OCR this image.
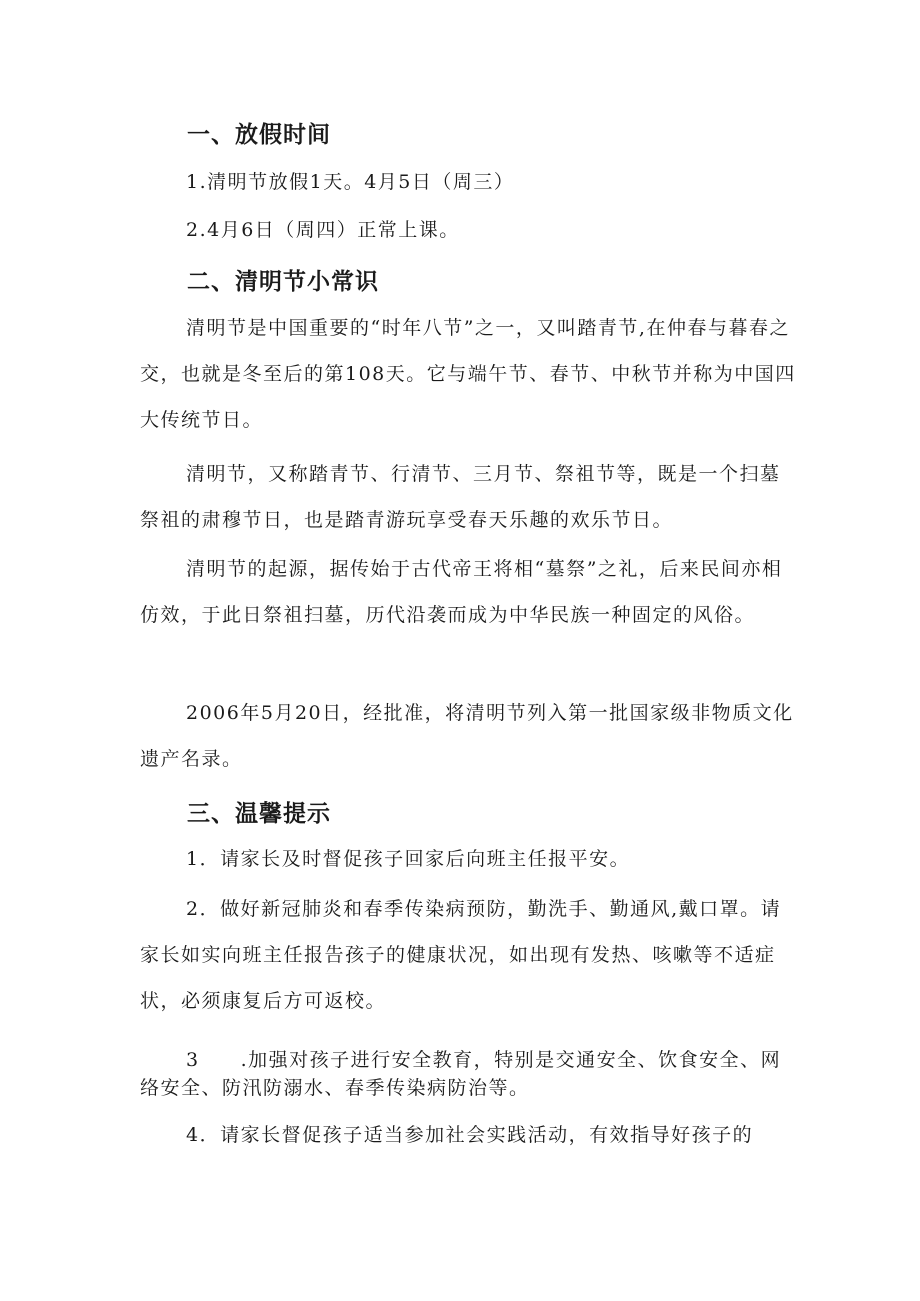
一、放假时间

1.清明节放假1天。4月5日（周三）

2.4月6日（周四）正常上课。

二、清明节小常识

清明节是中国重要的“时年八节”之一，又叫踏青节,在仲春与暮春之交，也就是冬至后的第108天。它与端午节、春节、中秋节并称为中国四大传统节日。

清明节，又称踏青节、行清节、三月节、祭祖节等，既是一个扫墓祭祖的肃穆节日，也是踏青游玩享受春天乐趣的欢乐节日。

清明节的起源，据传始于古代帝王将相“墓祭”之礼，后来民间亦相仿效，于此日祭祖扫墓，历代沿袭而成为中华民族一种固定的风俗。

2006年5月20日，经批准，将清明节列入第一批国家级非物质文化遗产名录。

三、温馨提示

1．请家长及时督促孩子回家后向班主任报平安。

2．做好新冠肺炎和春季传染病预防，勤洗手、勤通风,戴口罩。请家长如实向班主任报告孩子的健康状况，如出现有发热、咳嗽等不适症状，必须康复后方可返校。

3　　.加强对孩子进行安全教育，特别是交通安全、饮食安全、网络安全、防汛防溺水、春季传染病防治等。

4．请家长督促孩子适当参加社会实践活动，有效指导好孩子的
